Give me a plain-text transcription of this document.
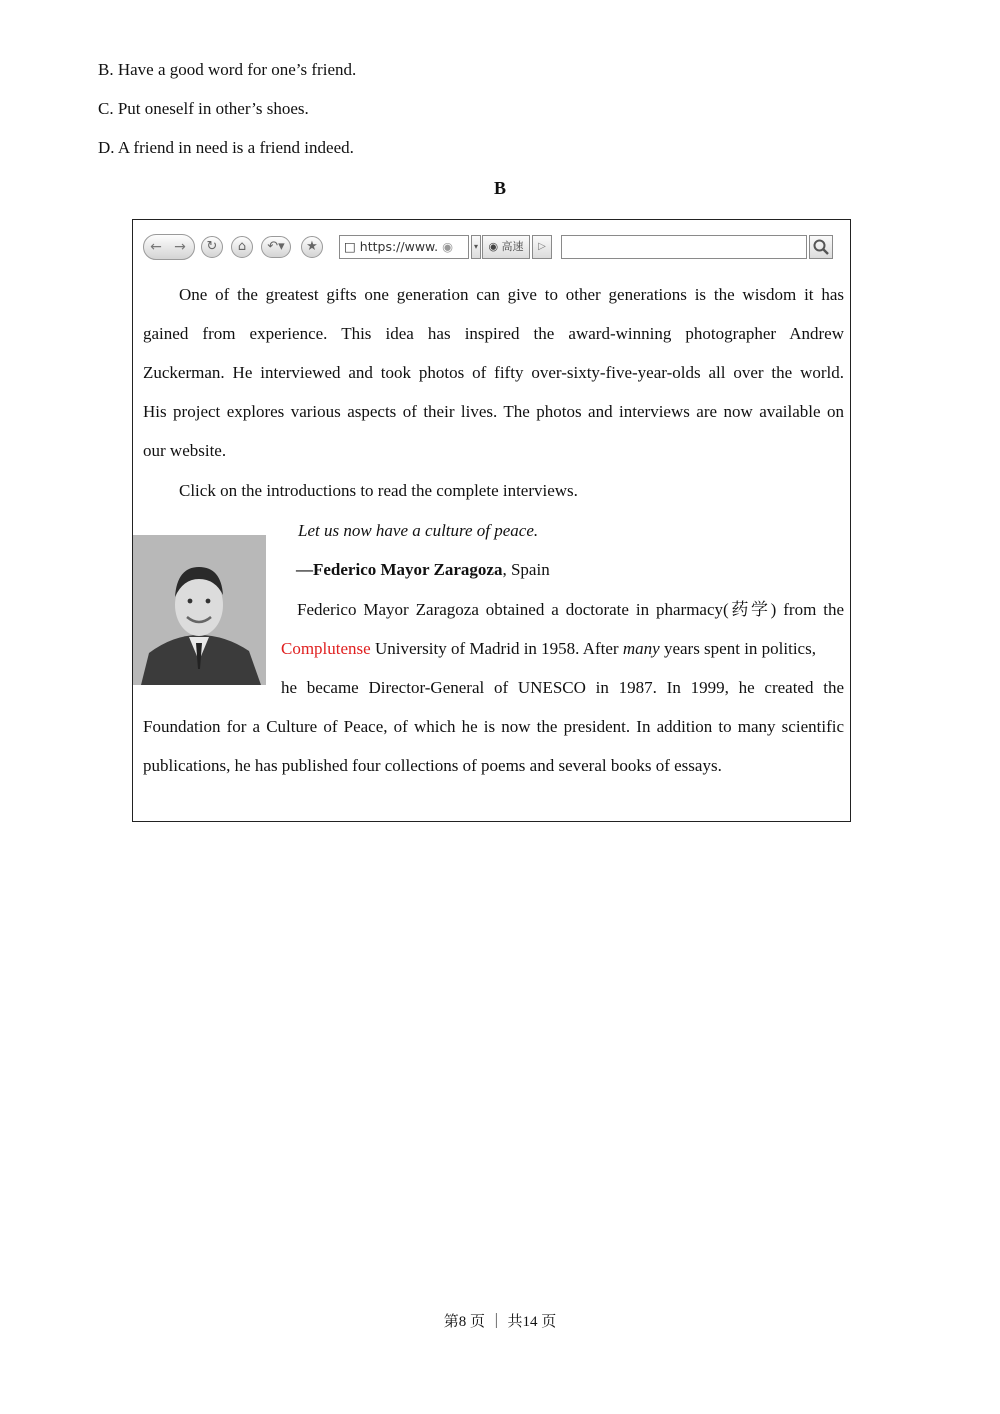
B. Have a good word for one’s friend.
C. Put oneself in other’s shoes.
D. A friend in need is a friend indeed.
B
← →	↻	⌂	↶▾	★	□ https://www. ◉	▾ ◉ 高速	▷
One of the greatest gifts one generation can give to other generations is the wisdom it has
gained from experience. This idea has inspired the award-winning photographer Andrew
Zuckerman. He interviewed and took photos of fifty over-sixty-five-year-olds all over the world.
His project explores various aspects of their lives. The photos and interviews are now available on
our website.
Click on the introductions to read the complete interviews.
Let us now have a culture of peace.
—Federico Mayor Zaragoza, Spain
Federico Mayor Zaragoza obtained a doctorate in pharmacy(药学) from the
Complutense University of Madrid in 1958. After many years spent in politics,
he became Director-General of UNESCO in 1987. In 1999, he created the
Foundation for a Culture of Peace, of which he is now the president. In addition to many scientific
publications, he has published four collections of poems and several books of essays.
第8 页 ｜ 共14 页
